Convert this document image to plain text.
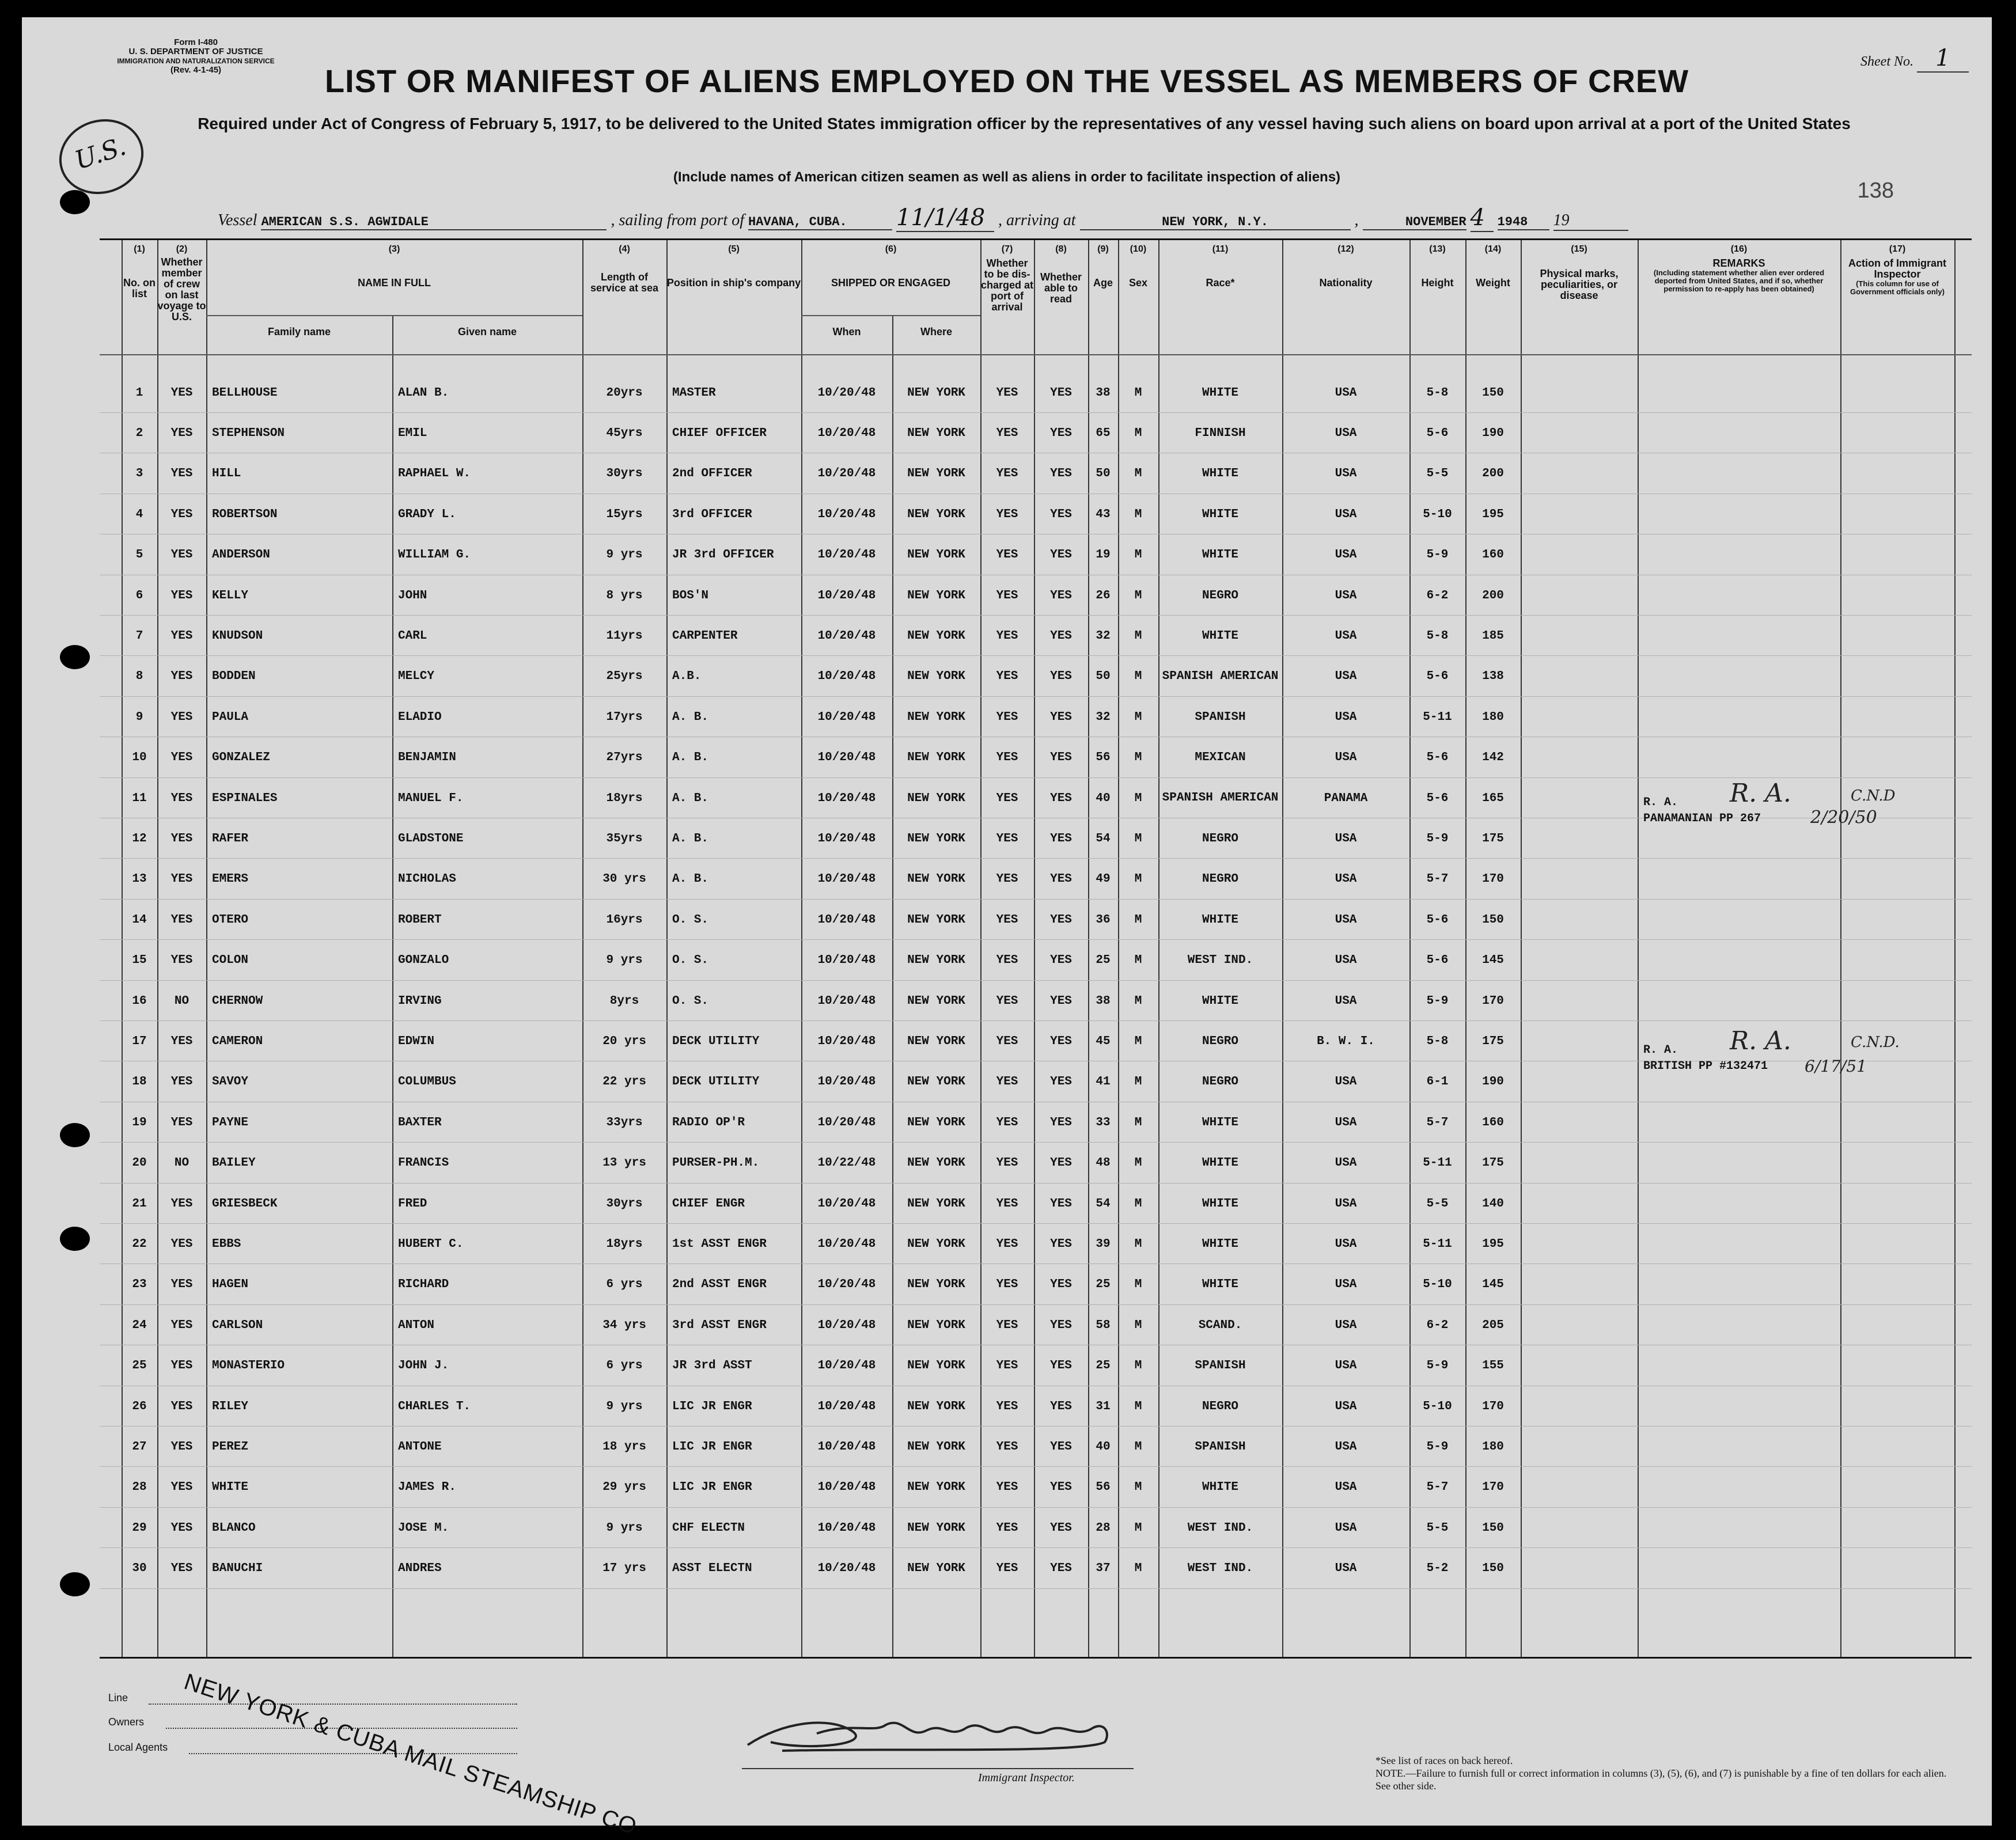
Form I-480
U. S. DEPARTMENT OF JUSTICE
IMMIGRATION AND NATURALIZATION SERVICE
(Rev. 4-1-45)
Sheet No. 1
LIST OR MANIFEST OF ALIENS EMPLOYED ON THE VESSEL AS MEMBERS OF CREW
U.S.
Required under Act of Congress of February 5, 1917, to be delivered to the United States immigration officer by the representatives of any vessel having such aliens on board upon arrival at a port of the United States
(Include names of American citizen seamen as well as aliens in order to facilitate inspection of aliens)
138
Vessel AMERICAN S.S. AGWIDALE	, sailing from port of HAVANA, CUBA. 11/1/48 , arriving at	NEW YORK, N.Y.	,	NOVEMBER 4 1948 19
(1)
No. on list
(2)
Whether member of crew on last voyage to U.S.
(3)
NAME IN FULL
Family name	Given name
(4)
Length of service at sea
(5)
Position in ship's company
(6)
SHIPPED OR ENGAGED
When	Where
(7)
Whether to be dis-charged at port of arrival
(8)
Whether able to read
(9)
Age
(10)
Sex
(11)
Race*
(12)
Nationality
(13)
Height
(14)
Weight
(15)
Physical marks, peculiarities, or disease
(16)
REMARKS
(Including statement whether alien ever ordered deported from United States, and if so, whether permission to re-apply has been obtained)
(17)
Action of Immigrant Inspector
(This column for use of Government officials only)
1	YES	BELLHOUSE	ALAN B.	20yrs	MASTER	10/20/48	NEW YORK	YES	YES	38	M	WHITE	USA	5-8	150
2	YES	STEPHENSON	EMIL	45yrs	CHIEF OFFICER	10/20/48	NEW YORK	YES	YES	65	M	FINNISH	USA	5-6	190
3	YES	HILL	RAPHAEL W.	30yrs	2nd OFFICER	10/20/48	NEW YORK	YES	YES	50	M	WHITE	USA	5-5	200
4	YES	ROBERTSON	GRADY L.	15yrs	3rd OFFICER	10/20/48	NEW YORK	YES	YES	43	M	WHITE	USA	5-10	195
5	YES	ANDERSON	WILLIAM G.	9 yrs	JR 3rd OFFICER	10/20/48	NEW YORK	YES	YES	19	M	WHITE	USA	5-9	160
6	YES	KELLY	JOHN	8 yrs	BOS'N	10/20/48	NEW YORK	YES	YES	26	M	NEGRO	USA	6-2	200
7	YES	KNUDSON	CARL	11yrs	CARPENTER	10/20/48	NEW YORK	YES	YES	32	M	WHITE	USA	5-8	185
8	YES	BODDEN	MELCY	25yrs	A.B.	10/20/48	NEW YORK	YES	YES	50	M	SPANISH AMERICAN	USA	5-6	138
9	YES	PAULA	ELADIO	17yrs	A. B.	10/20/48	NEW YORK	YES	YES	32	M	SPANISH	USA	5-11	180
10	YES	GONZALEZ	BENJAMIN	27yrs	A. B.	10/20/48	NEW YORK	YES	YES	56	M	MEXICAN	USA	5-6	142
11	YES	ESPINALES	MANUEL F.	18yrs	A. B.	10/20/48	NEW YORK	YES	YES	40	M	SPANISH AMERICAN	PANAMA	5-6	165
12	YES	RAFER	GLADSTONE	35yrs	A. B.	10/20/48	NEW YORK	YES	YES	54	M	NEGRO	USA	5-9	175
13	YES	EMERS	NICHOLAS	30 yrs	A. B.	10/20/48	NEW YORK	YES	YES	49	M	NEGRO	USA	5-7	170
14	YES	OTERO	ROBERT	16yrs	O. S.	10/20/48	NEW YORK	YES	YES	36	M	WHITE	USA	5-6	150
15	YES	COLON	GONZALO	9 yrs	O. S.	10/20/48	NEW YORK	YES	YES	25	M	WEST IND.	USA	5-6	145
16	NO	CHERNOW	IRVING	8yrs	O. S.	10/20/48	NEW YORK	YES	YES	38	M	WHITE	USA	5-9	170
17	YES	CAMERON	EDWIN	20 yrs	DECK UTILITY	10/20/48	NEW YORK	YES	YES	45	M	NEGRO	B. W. I.	5-8	175
18	YES	SAVOY	COLUMBUS	22 yrs	DECK UTILITY	10/20/48	NEW YORK	YES	YES	41	M	NEGRO	USA	6-1	190
19	YES	PAYNE	BAXTER	33yrs	RADIO OP'R	10/20/48	NEW YORK	YES	YES	33	M	WHITE	USA	5-7	160
20	NO	BAILEY	FRANCIS	13 yrs	PURSER-PH.M.	10/22/48	NEW YORK	YES	YES	48	M	WHITE	USA	5-11	175
21	YES	GRIESBECK	FRED	30yrs	CHIEF ENGR	10/20/48	NEW YORK	YES	YES	54	M	WHITE	USA	5-5	140
22	YES	EBBS	HUBERT C.	18yrs	1st ASST ENGR	10/20/48	NEW YORK	YES	YES	39	M	WHITE	USA	5-11	195
23	YES	HAGEN	RICHARD	6 yrs	2nd ASST ENGR	10/20/48	NEW YORK	YES	YES	25	M	WHITE	USA	5-10	145
24	YES	CARLSON	ANTON	34 yrs	3rd ASST ENGR	10/20/48	NEW YORK	YES	YES	58	M	SCAND.	USA	6-2	205
25	YES	MONASTERIO	JOHN J.	6 yrs	JR 3rd ASST	10/20/48	NEW YORK	YES	YES	25	M	SPANISH	USA	5-9	155
26	YES	RILEY	CHARLES T.	9 yrs	LIC JR ENGR	10/20/48	NEW YORK	YES	YES	31	M	NEGRO	USA	5-10	170
27	YES	PEREZ	ANTONE	18 yrs	LIC JR ENGR	10/20/48	NEW YORK	YES	YES	40	M	SPANISH	USA	5-9	180
28	YES	WHITE	JAMES R.	29 yrs	LIC JR ENGR	10/20/48	NEW YORK	YES	YES	56	M	WHITE	USA	5-7	170
29	YES	BLANCO	JOSE M.	9 yrs	CHF ELECTN	10/20/48	NEW YORK	YES	YES	28	M	WEST IND.	USA	5-5	150
30	YES	BANUCHI	ANDRES	17 yrs	ASST ELECTN	10/20/48	NEW YORK	YES	YES	37	M	WEST IND.	USA	5-2	150
R. A.
PANAMANIAN PP 267
R. A.	C.N.D
2/20/50
R. A.
BRITISH PP #132471
R. A.	C.N.D.
6/17/51
Line
Owners
Local Agents NEW YORK & CUBA MAIL STEAMSHIP CO	Immigrant Inspector.
*See list of races on back hereof.
NOTE.—Failure to furnish full or correct information in columns (3), (5), (6), and (7) is punishable by a fine of ten dollars for each alien. See other side.
